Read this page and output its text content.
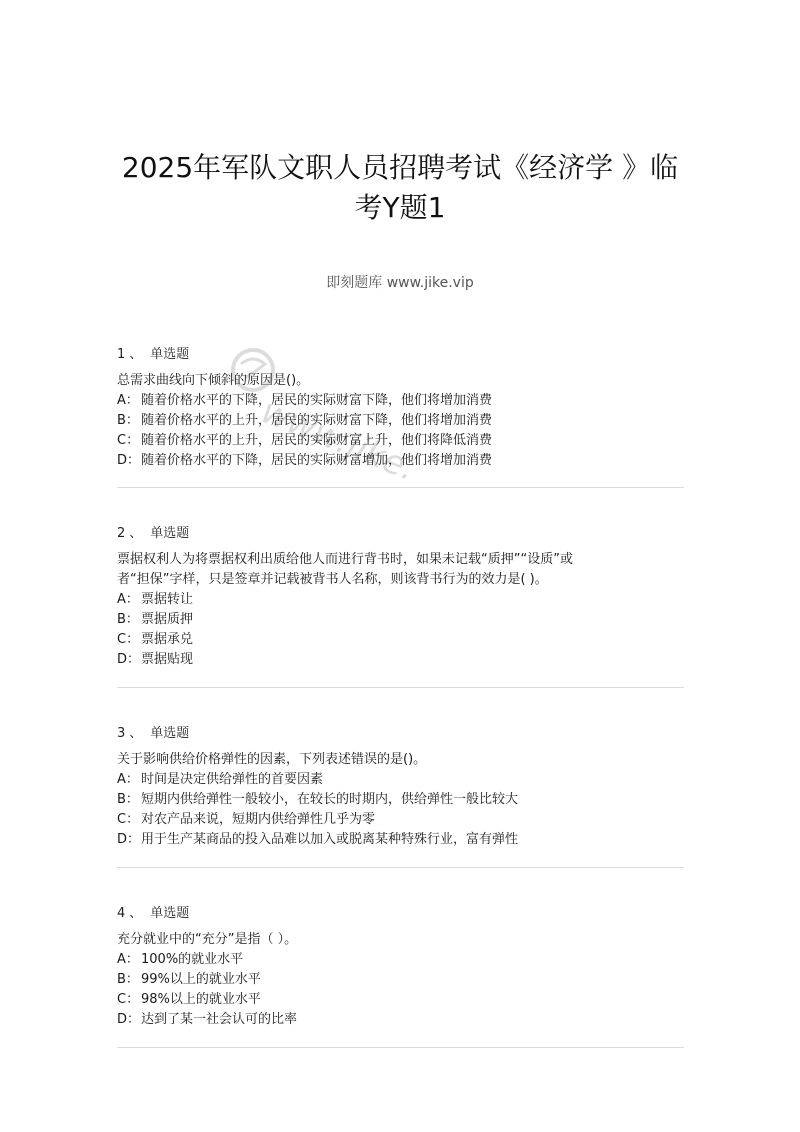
2025年军队文职人员招聘考试《经济学 》临
考Y题1
即刻题库 www.jike.vip
www.jike.vip
1 、 单选题
总需求曲线向下倾斜的原因是()。
A： 随着价格水平的下降，居民的实际财富下降，他们将增加消费
B： 随着价格水平的上升，居民的实际财富下降，他们将增加消费
C： 随着价格水平的上升，居民的实际财富上升，他们将降低消费
D：随着价格水平的下降，居民的实际财富增加，他们将增加消费
2 、 单选题
票据权利人为将票据权利出质给他人而进行背书时，如果未记载“质押”“设质”或
者“担保”字样，只是签章并记载被背书人名称，则该背书行为的效力是( )。
A： 票据转让
B： 票据质押
C： 票据承兑
D：票据贴现
3 、 单选题
关于影响供给价格弹性的因素，下列表述错误的是()。
A： 时间是决定供给弹性的首要因素
B： 短期内供给弹性一般较小，在较长的时期内，供给弹性一般比较大
C： 对农产品来说，短期内供给弹性几乎为零
D：用于生产某商品的投入品难以加入或脱离某种特殊行业，富有弹性
4 、 单选题
充分就业中的“充分”是指（ ）。
A： 100%的就业水平
B： 99%以上的就业水平
C： 98%以上的就业水平
D：达到了某一社会认可的比率
